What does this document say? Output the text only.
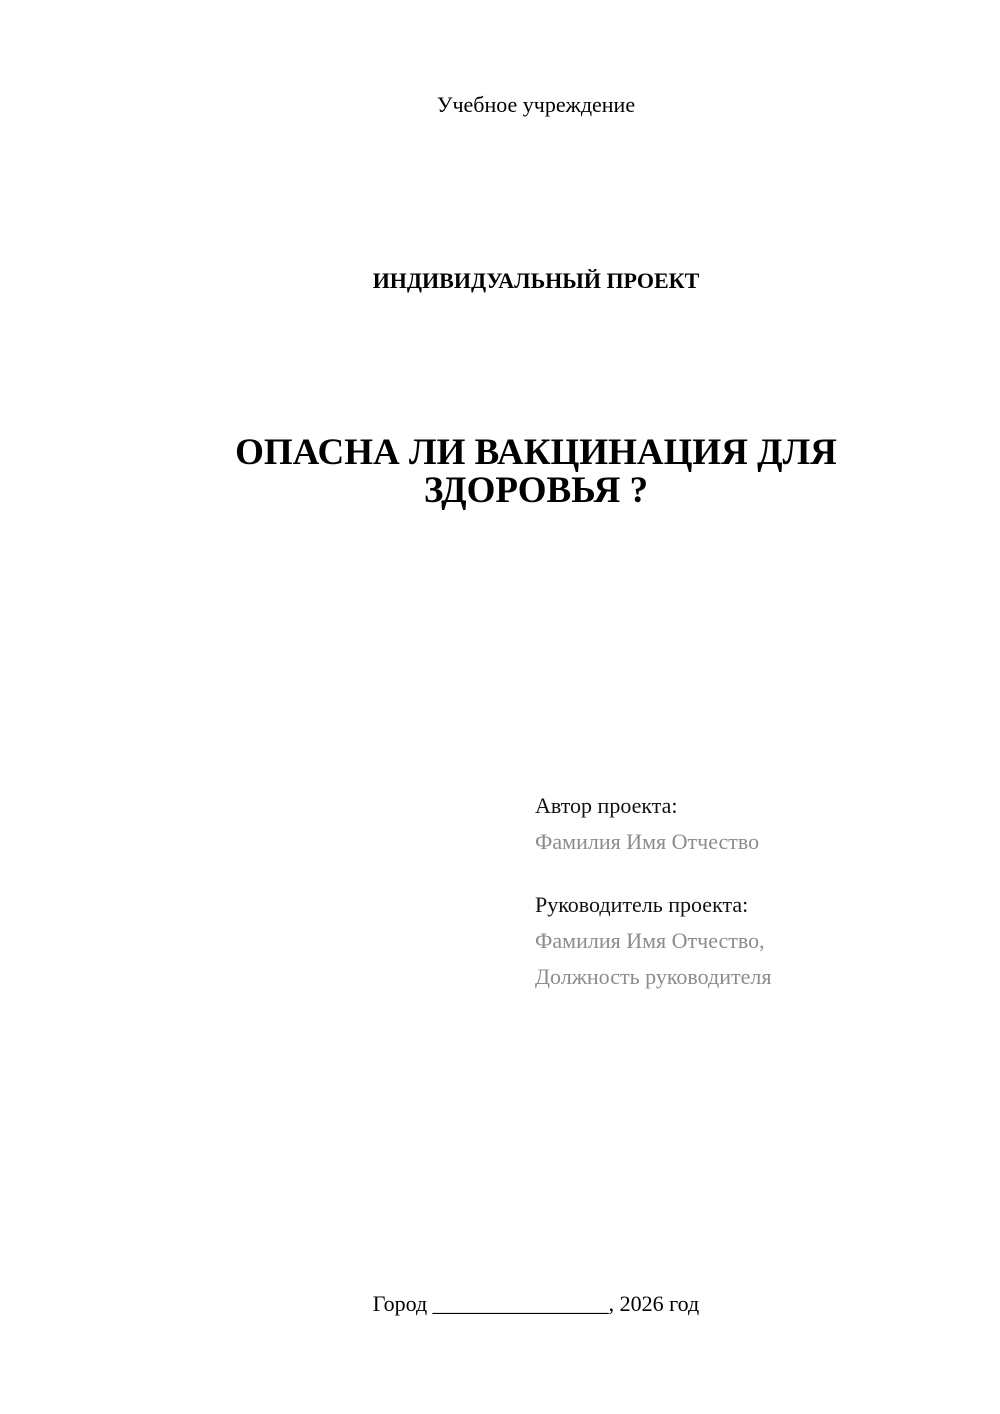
Учебное учреждение
ИНДИВИДУАЛЬНЫЙ ПРОЕКТ
ОПАСНА ЛИ ВАКЦИНАЦИЯ ДЛЯ
ЗДОРОВЬЯ ?
Автор проекта:
Фамилия Имя Отчество
Руководитель проекта:
Фамилия Имя Отчество,
Должность руководителя
Город ________________, 2026 год
